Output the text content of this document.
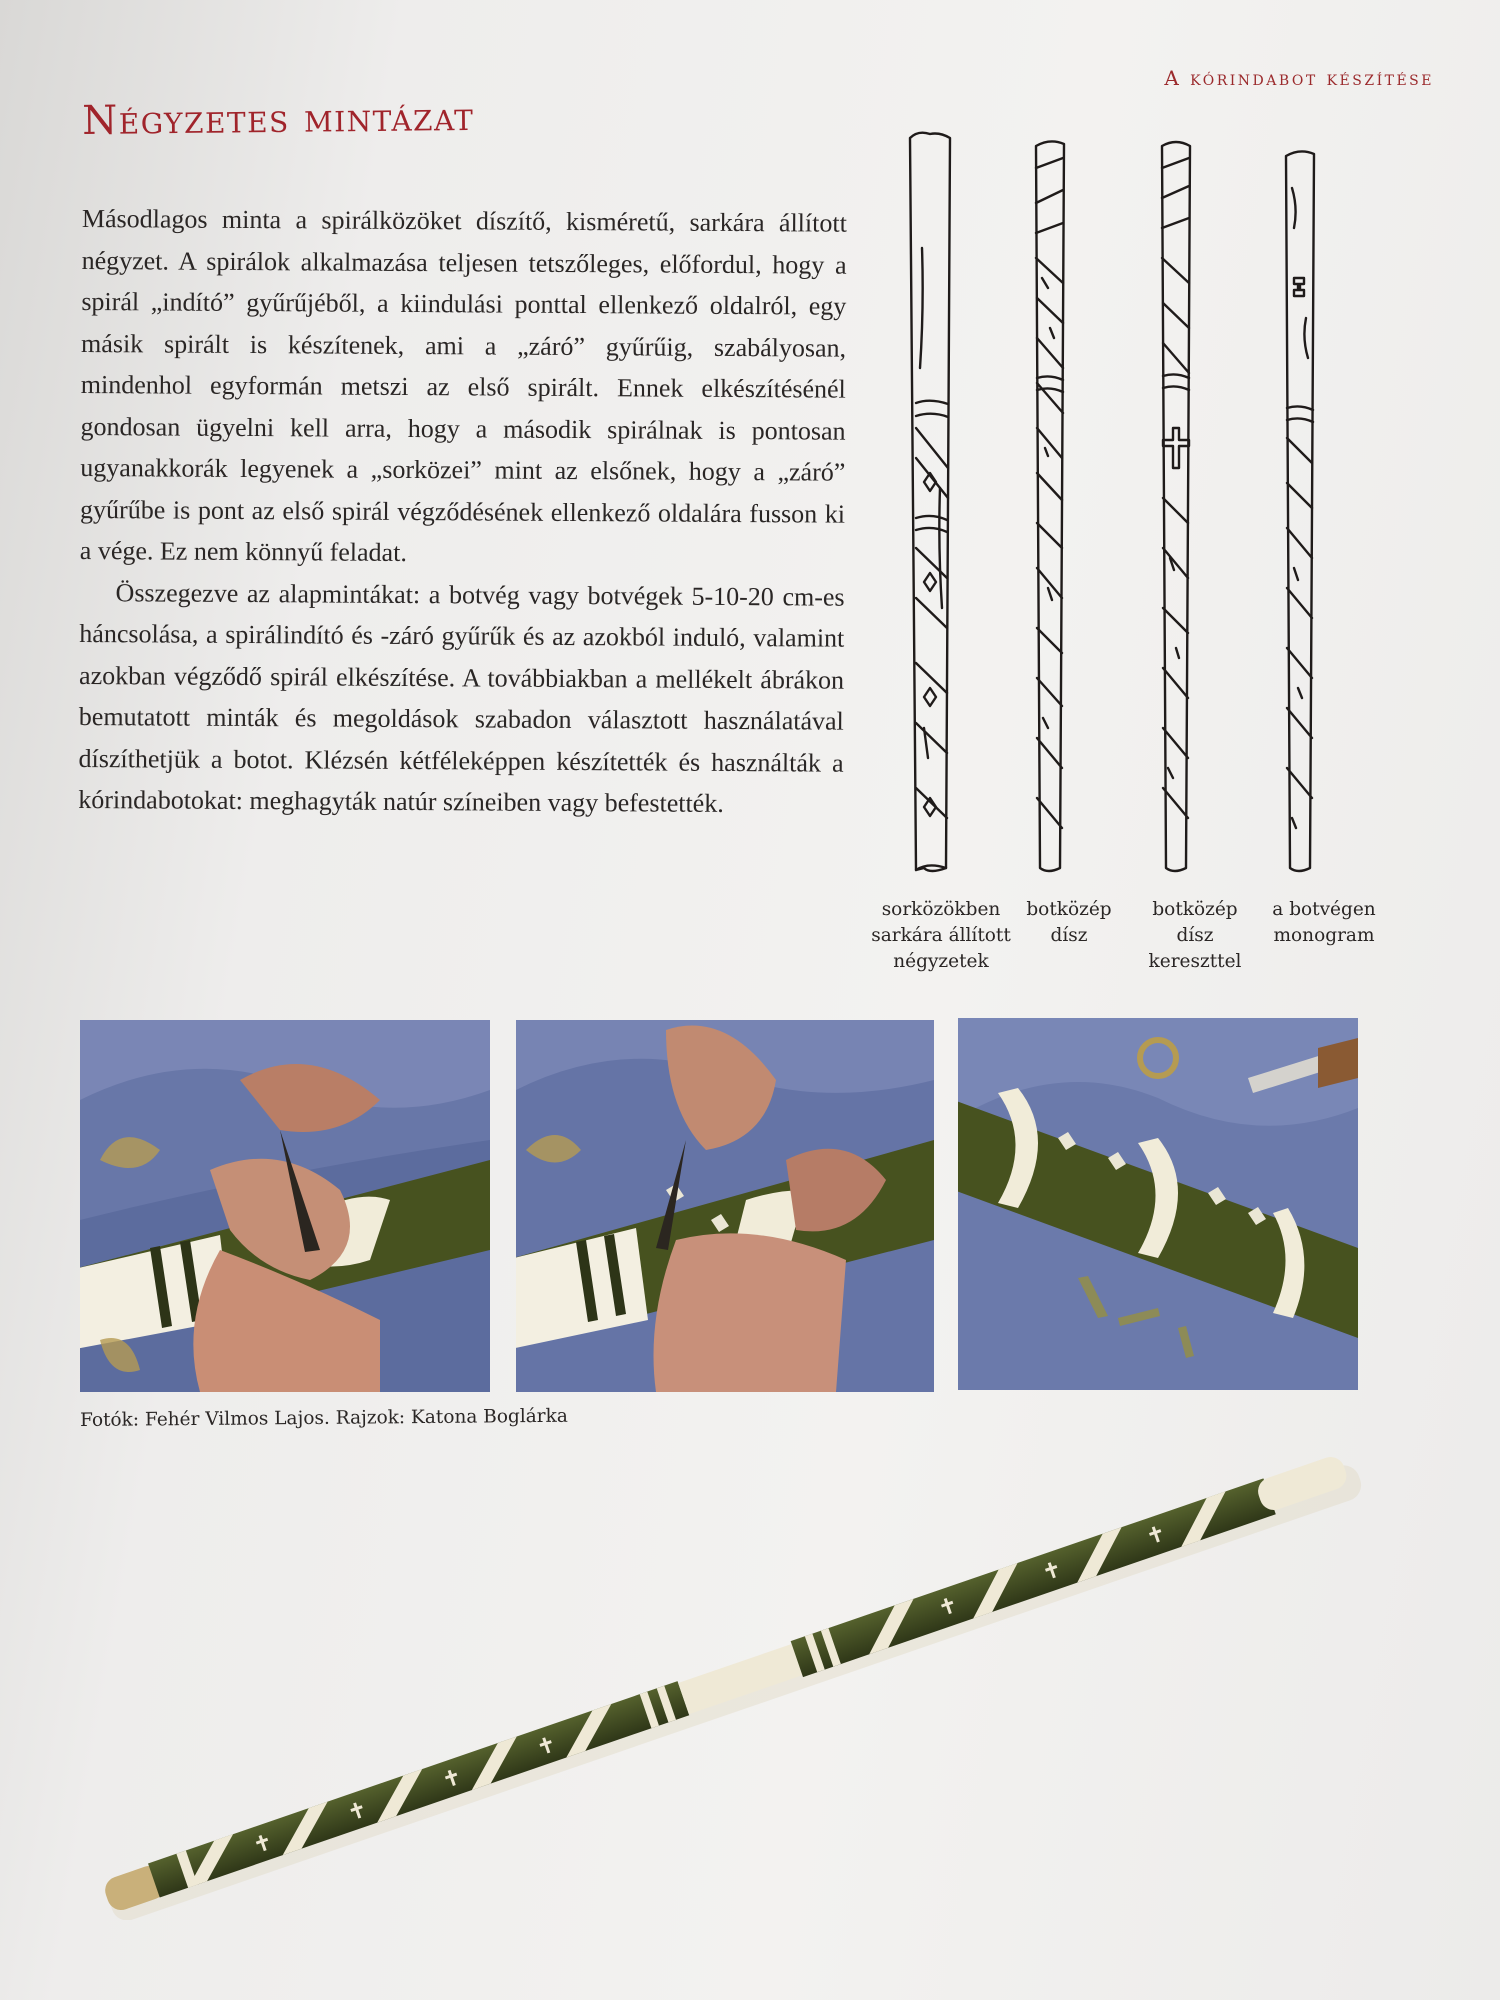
A kórindabot készítése
Négyzetes mintázat

Másodlagos minta a spirálközöket díszítő, kisméretű, sarkára állított négyzet. A spirálok alkalmazása teljesen tetszőleges, előfordul, hogy a spirál „indító” gyűrűjéből, a kiindulási ponttal ellenkező oldalról, egy másik spirált is készítenek, ami a „záró” gyűrűig, szabályosan, mindenhol egyformán metszi az első spirált. Ennek elkészítésénél gondosan ügyelni kell arra, hogy a második spirálnak is pontosan ugyanakkorák legyenek a „sorközei” mint az elsőnek, hogy a „záró” gyűrűbe is pont az első spirál végződésének ellenkező oldalára fusson ki a vége. Ez nem könnyű feladat.

Összegezve az alapmintákat: a botvég vagy botvégek 5-10-20 cm-es háncsolása, a spirálindító és -záró gyűrűk és az azokból induló, valamint azokban végződő spirál elkészítése. A továbbiakban a mellékelt ábrákon bemutatott minták és megoldások szabadon választott használatával díszíthetjük a botot. Klézsén kétféleképpen készítették és használták a kórindabotokat: meghagyták natúr színeiben vagy befestették.

sorközökben sarkára állított négyzetek
botközép dísz
botközép dísz kereszttel
a botvégen monogram
Fotók: Fehér Vilmos Lajos. Rajzok: Katona Boglárka
